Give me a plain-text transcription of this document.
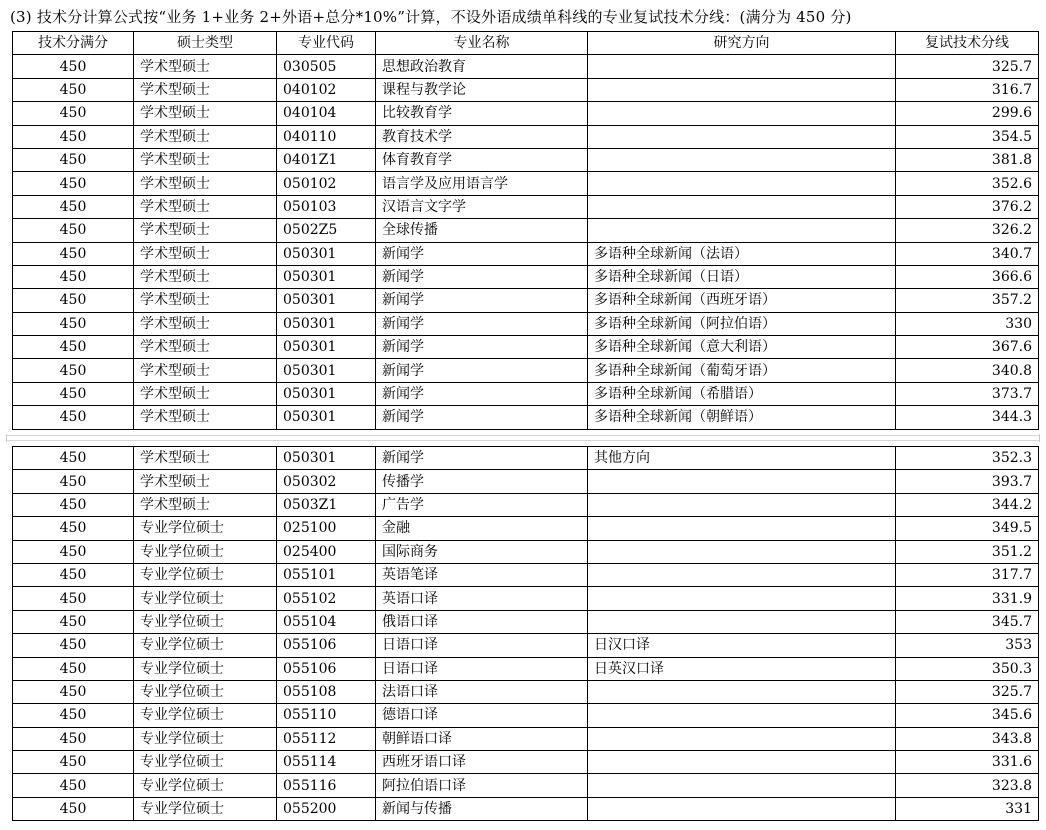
(3) 技术分计算公式按“业务 1+业务 2+外语+总分*10%”计算，不设外语成绩单科线的专业复试技术分线：(满分为 450 分)
技术分满分	硕士类型	专业代码	专业名称	研究方向	复试技术分线
450	学术型硕士	030505	思想政治教育		325.7
450	学术型硕士	040102	课程与教学论		316.7
450	学术型硕士	040104	比较教育学		299.6
450	学术型硕士	040110	教育技术学		354.5
450	学术型硕士	0401Z1	体育教育学		381.8
450	学术型硕士	050102	语言学及应用语言学		352.6
450	学术型硕士	050103	汉语言文字学		376.2
450	学术型硕士	0502Z5	全球传播		326.2
450	学术型硕士	050301	新闻学	多语种全球新闻（法语）	340.7
450	学术型硕士	050301	新闻学	多语种全球新闻（日语）	366.6
450	学术型硕士	050301	新闻学	多语种全球新闻（西班牙语）	357.2
450	学术型硕士	050301	新闻学	多语种全球新闻（阿拉伯语）	330
450	学术型硕士	050301	新闻学	多语种全球新闻（意大利语）	367.6
450	学术型硕士	050301	新闻学	多语种全球新闻（葡萄牙语）	340.8
450	学术型硕士	050301	新闻学	多语种全球新闻（希腊语）	373.7
450	学术型硕士	050301	新闻学	多语种全球新闻（朝鲜语）	344.3
450	学术型硕士	050301	新闻学	其他方向	352.3
450	学术型硕士	050302	传播学		393.7
450	学术型硕士	0503Z1	广告学		344.2
450	专业学位硕士	025100	金融		349.5
450	专业学位硕士	025400	国际商务		351.2
450	专业学位硕士	055101	英语笔译		317.7
450	专业学位硕士	055102	英语口译		331.9
450	专业学位硕士	055104	俄语口译		345.7
450	专业学位硕士	055106	日语口译	日汉口译	353
450	专业学位硕士	055106	日语口译	日英汉口译	350.3
450	专业学位硕士	055108	法语口译		325.7
450	专业学位硕士	055110	德语口译		345.6
450	专业学位硕士	055112	朝鲜语口译		343.8
450	专业学位硕士	055114	西班牙语口译		331.6
450	专业学位硕士	055116	阿拉伯语口译		323.8
450	专业学位硕士	055200	新闻与传播		331
